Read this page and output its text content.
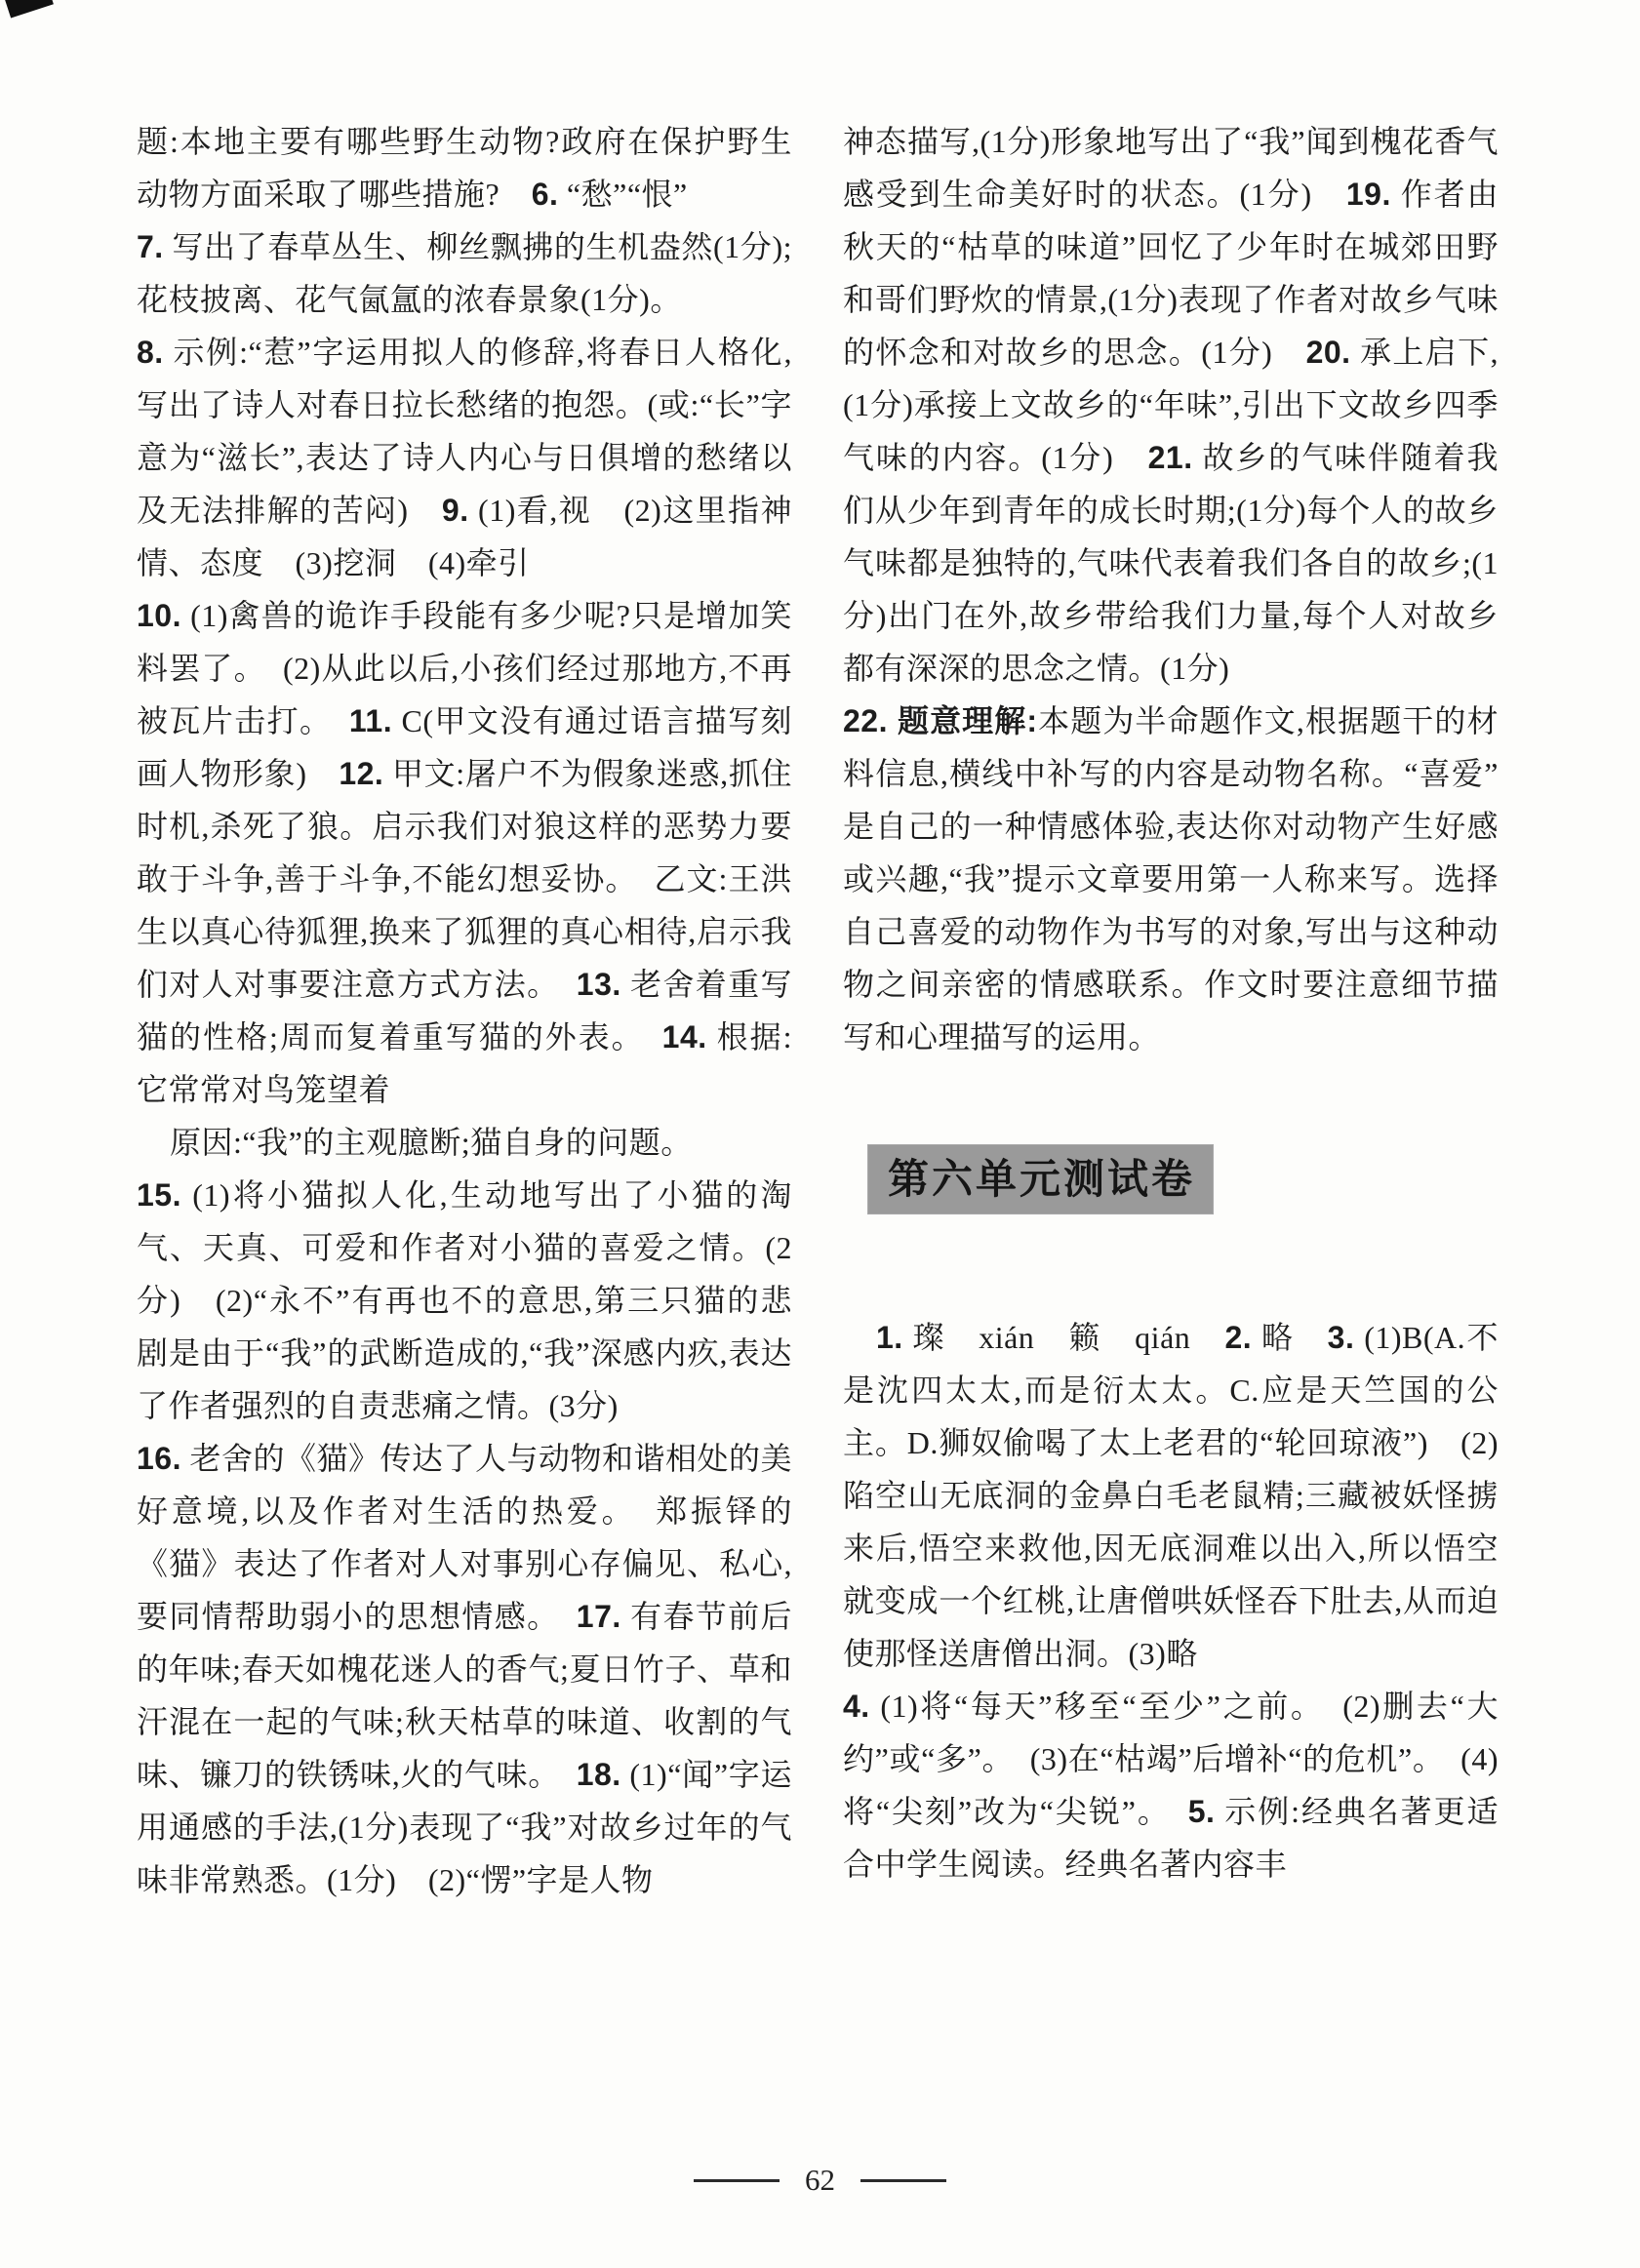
题:本地主要有哪些野生动物?政府在保护野生动物方面采取了哪些措施?　6. “愁”“恨”

7. 写出了春草丛生、柳丝飘拂的生机盎然(1分);花枝披离、花气氤氲的浓春景象(1分)。

8. 示例:“惹”字运用拟人的修辞,将春日人格化,写出了诗人对春日拉长愁绪的抱怨。(或:“长”字意为“滋长”,表达了诗人内心与日俱增的愁绪以及无法排解的苦闷)　9. (1)看,视　(2)这里指神情、态度　(3)挖洞　(4)牵引

10. (1)禽兽的诡诈手段能有多少呢?只是增加笑料罢了。　(2)从此以后,小孩们经过那地方,不再被瓦片击打。　11. C(甲文没有通过语言描写刻画人物形象)　12. 甲文:屠户不为假象迷惑,抓住时机,杀死了狼。启示我们对狼这样的恶势力要敢于斗争,善于斗争,不能幻想妥协。　乙文:王洪生以真心待狐狸,换来了狐狸的真心相待,启示我们对人对事要注意方式方法。　13. 老舍着重写猫的性格;周而复着重写猫的外表。　14. 根据:它常常对鸟笼望着

原因:“我”的主观臆断;猫自身的问题。

15. (1)将小猫拟人化,生动地写出了小猫的淘气、天真、可爱和作者对小猫的喜爱之情。(2分)　(2)“永不”有再也不的意思,第三只猫的悲剧是由于“我”的武断造成的,“我”深感内疚,表达了作者强烈的自责悲痛之情。(3分)

16. 老舍的《猫》传达了人与动物和谐相处的美好意境,以及作者对生活的热爱。　郑振铎的《猫》表达了作者对人对事别心存偏见、私心,要同情帮助弱小的思想情感。　17. 有春节前后的年味;春天如槐花迷人的香气;夏日竹子、草和汗混在一起的气味;秋天枯草的味道、收割的气味、镰刀的铁锈味,火的气味。　18. (1)“闻”字运用通感的手法,(1分)表现了“我”对故乡过年的气味非常熟悉。(1分)　(2)“愣”字是人物

神态描写,(1分)形象地写出了“我”闻到槐花香气感受到生命美好时的状态。(1分)　19. 作者由秋天的“枯草的味道”回忆了少年时在城郊田野和哥们野炊的情景,(1分)表现了作者对故乡气味的怀念和对故乡的思念。(1分)　20. 承上启下,(1分)承接上文故乡的“年味”,引出下文故乡四季气味的内容。(1分)　21. 故乡的气味伴随着我们从少年到青年的成长时期;(1分)每个人的故乡气味都是独特的,气味代表着我们各自的故乡;(1分)出门在外,故乡带给我们力量,每个人对故乡都有深深的思念之情。(1分)

22. 题意理解:本题为半命题作文,根据题干的材料信息,横线中补写的内容是动物名称。“喜爱”是自己的一种情感体验,表达你对动物产生好感或兴趣,“我”提示文章要用第一人称来写。选择自己喜爱的动物作为书写的对象,写出与这种动物之间亲密的情感联系。作文时要注意细节描写和心理描写的运用。

第六单元测试卷

1. 璨　xián　籁　qián　2. 略　3. (1)B(A.不是沈四太太,而是衍太太。C.应是天竺国的公主。D.狮奴偷喝了太上老君的“轮回琼液”)　(2)陷空山无底洞的金鼻白毛老鼠精;三藏被妖怪掳来后,悟空来救他,因无底洞难以出入,所以悟空就变成一个红桃,让唐僧哄妖怪吞下肚去,从而迫使那怪送唐僧出洞。(3)略

4. (1)将“每天”移至“至少”之前。　(2)删去“大约”或“多”。　(3)在“枯竭”后增补“的危机”。　(4)将“尖刻”改为“尖锐”。　5. 示例:经典名著更适合中学生阅读。经典名著内容丰

62
